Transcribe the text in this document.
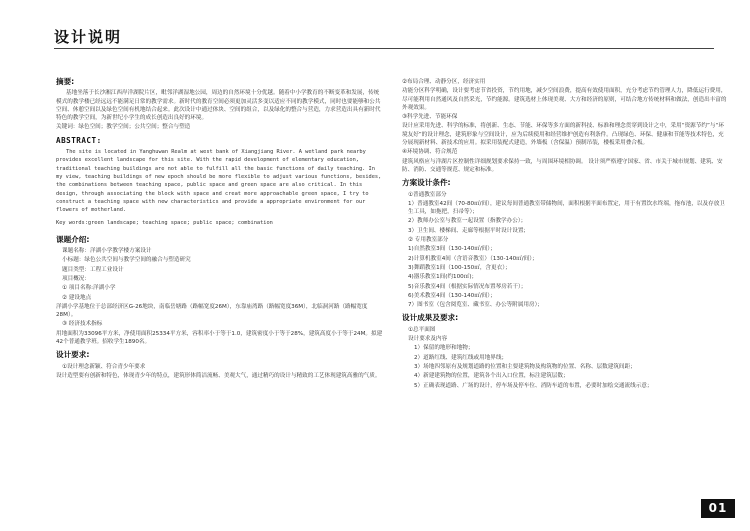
设计说明
摘要:
基地坐落于长沙湘江西岸洋湖院片区，毗邻洋湖湿地公园，周边的自然环境十分优越。随着中小学教育的不断变革和发展，传统模式的教学楼已经远远不能满足日常的教学需求。新时代的教育空间必须更加灵活多变以适应不同的教学模式，同时也要能够和公共空间、休憩空间以及绿色空间有机地结合起来。此次设计中通过体块、空间的组合，以及绿化的整合与营造，力求营造出具有新时代特色的教学空间，为新世纪小学生的成长创造出良好的环境。
关键词：绿色空间；教学空间；公共空间；整合与塑造
ABSTRACT:
The site is located in Yanghuwan Realm at west bank of Xiangjiang River. A wetland park nearby provides excellent landscape for this site. With the rapid development of elementary education, traditional teaching buildings are not able to fulfill all the basic functions of daily teaching. In my view, teaching buildings of new epoch should be more flexible to adjust various functions, besides, the combinations between teaching space, public space and green space are also critical. In this design, through associating the block with space and creat more approachable green space, I try to construct a teaching space with new characteristics and provide a appropriate environment for our flowers of motherland.
Key words:green landscape; teaching space; public space; combination
课题介绍:
课题名称：洋湖小学教学楼方案设计
小标题：绿色公共空间与教学空间的融合与塑造研究
题目类型：工程工业设计
项目概况：
① 项目名称:洋湖小学
② 建设地点
洋湖小学基地位于总部经济区G-26地块，南临岳塘路（路幅宽度26M），东靠庙湾路（路幅宽度36M），北临洞河路（路幅宽度28M）。
③ 经济技术指标
用地面积为33096平方米，净使用面积25334平方米，容积率小于等于1.0，建筑密度小于等于28%，建筑高度小于等于24M。拟建42个普通教学班。招收学生1890名。
设计要求:
①设计理念新颖、符合青少年要求
设计造型要有创新和特色，体现青少年的特点，建筑形体简洁流畅、美观大气，通过精巧的设计与精致的工艺体现建筑高雅的气质。
②布局合理、动静分区，经济实用
功能分区科学明确，设计要考虑节省投资，节约用地，减少空间浪费，提高有效使用面积，充分考虑节约管理人力，降低运行费用，尽可能利用自然通风及自然采光，节约能源。建筑选材上体现美观、大方和经济的原则，可结合地方传统材料和做法，创造出丰富的外观效果。
③科学先进、节能环保
设计应采用先进、科学的标准，将创新、生态、节能、环保等多方面的新科技、标准和理念贯穿到设计之中，采用“资源节约”与“环境友好”的设计理念，建筑形象与空间设计，应为后续使用和经营维护创造有利条件。凸现绿色、环保、健康和节能等技术特色，充分展现新材料、新技术的应用。拟采用装配式建造，外墙板（含保温）预制吊装，楼板采用叠合板。
④环境协调、符合规范
建筑风格应与洋湖片区控制性详细规划要求保持一致，与周围环境相协调。 设计须严格遵守国家、省、市关于城市规划、建筑、安防、消防、交通等规范、规定和标准。
方案设计条件:
①普通教室部分
1）普通教室42间（70-80㎡/间），建议每间普通教室带储物间，面积根据平面布置定，用于有置饮水终端，拖布池，以及存放卫生工具，如拖把，扫帚等）；
2）教师办公室与教室一起设置（指教学办公）；
3）卫生间、楼梯间、走廊等根据平时设计设置；
② 专用教室部分
1)自然教室3间（130-140㎡/间）；
2)计算机教室4间（含语音教室）（130-140㎡/间）；
3)舞蹈教室1间（100-150㎡，含更衣）；
4)器乐教室1间(约100㎡)；
5)音乐教室4间（根据实际情况布置琴房若干）；
6)美术教室4间（130-140㎡/间）；
7）图书室（包含阅览室、藏书室、办公等附属用房）；
设计成果及要求:
①总平面图
设计要求及内容
1）保留的地形和地物；
2）道路红线、建筑红线或用地界线；
3）场地四邻原有及规划道路的位置和主要建筑物及构筑物的位置、名称、层数建筑间距；
4）新建建筑物的位置，建筑各个出入口位置，标注建筑层数；
5）正确表现道路、广场的设计，停车场及停车位、消防车道的布置，必要时加绘交通流线示意；
01
